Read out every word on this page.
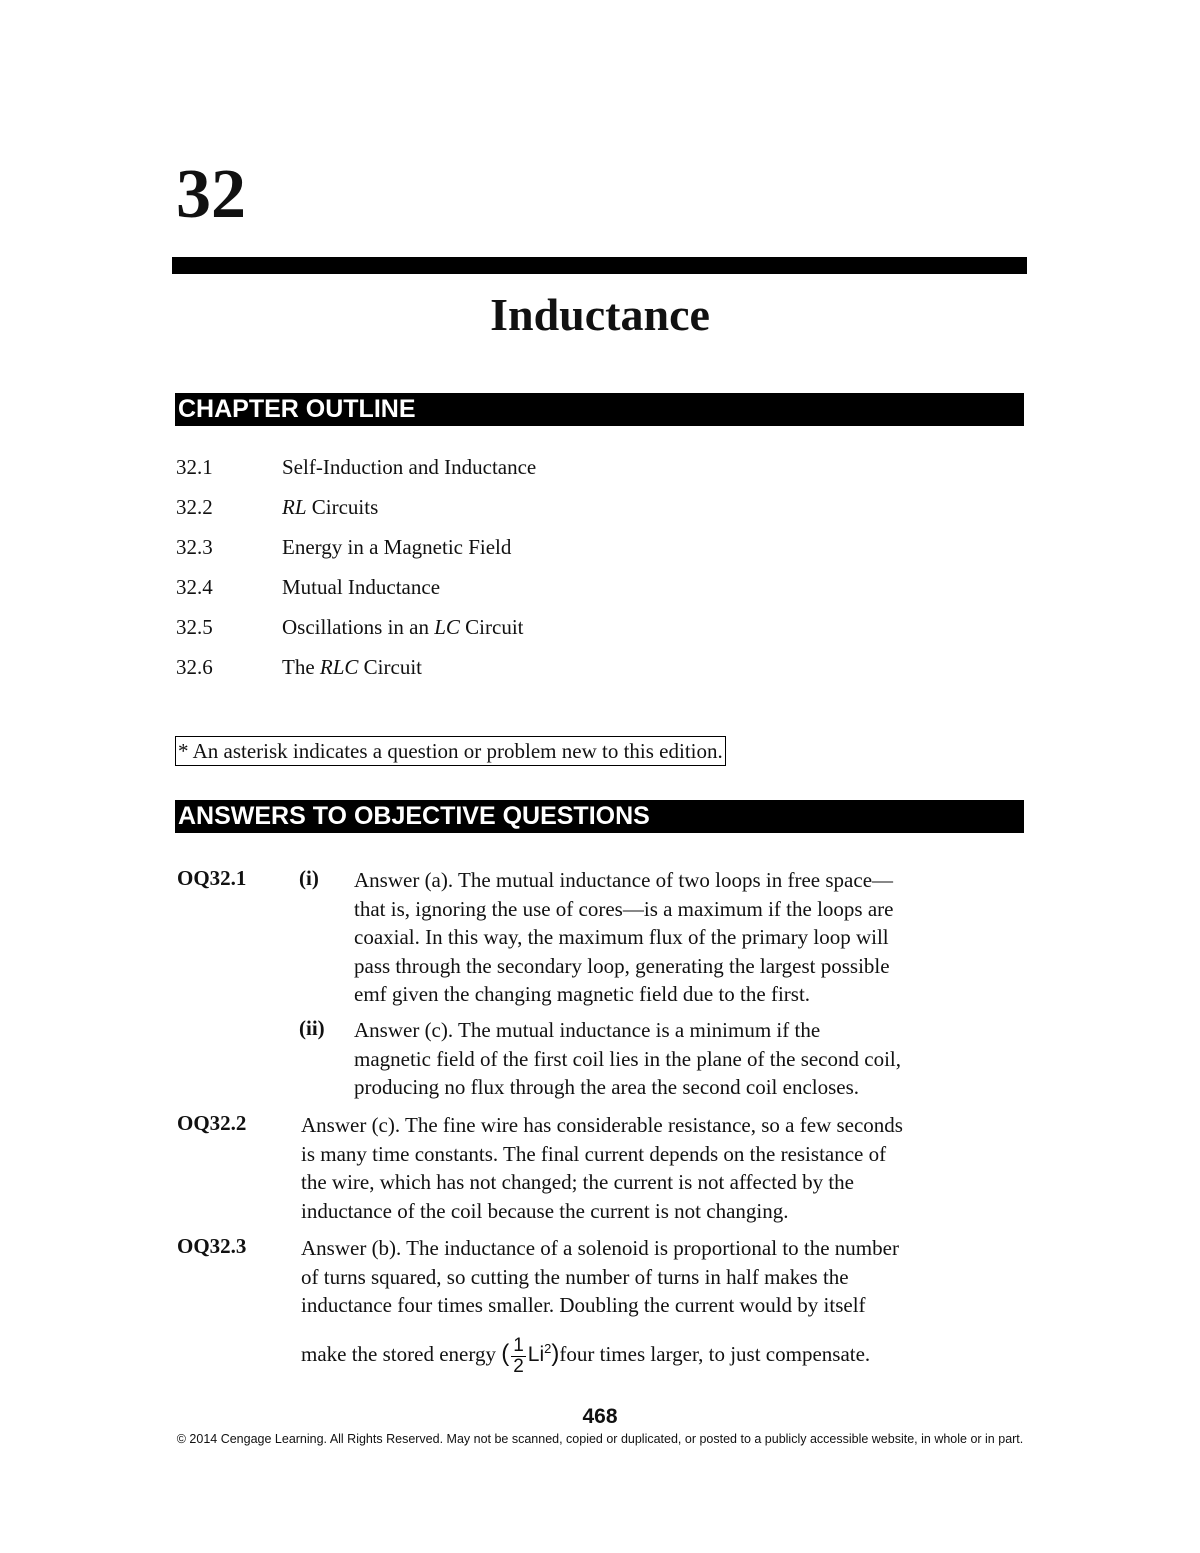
32
Inductance
CHAPTER OUTLINE
32.1	Self-Induction and Inductance
32.2	RL Circuits
32.3	Energy in a Magnetic Field
32.4	Mutual Inductance
32.5	Oscillations in an LC Circuit
32.6	The RLC Circuit
* An asterisk indicates a question or problem new to this edition.
ANSWERS TO OBJECTIVE QUESTIONS
OQ32.1	(i) Answer (a). The mutual inductance of two loops in free space—
that is, ignoring the use of cores—is a maximum if the loops are
coaxial. In this way, the maximum flux of the primary loop will
pass through the secondary loop, generating the largest possible
emf given the changing magnetic field due to the first.
(ii) Answer (c). The mutual inductance is a minimum if the
magnetic field of the first coil lies in the plane of the second coil,
producing no flux through the area the second coil encloses.
OQ32.2	Answer (c). The fine wire has considerable resistance, so a few seconds
is many time constants. The final current depends on the resistance of
the wire, which has not changed; the current is not affected by the
inductance of the coil because the current is not changing.
OQ32.3	Answer (b). The inductance of a solenoid is proportional to the number
of turns squared, so cutting the number of turns in half makes the
inductance four times smaller. Doubling the current would by itself
make the stored energy ( $\frac{1}{2}$ Li$^2$)four times larger, to just compensate.
468
© 2014 Cengage Learning. All Rights Reserved. May not be scanned, copied or duplicated, or posted to a publicly accessible website, in whole or in part.
